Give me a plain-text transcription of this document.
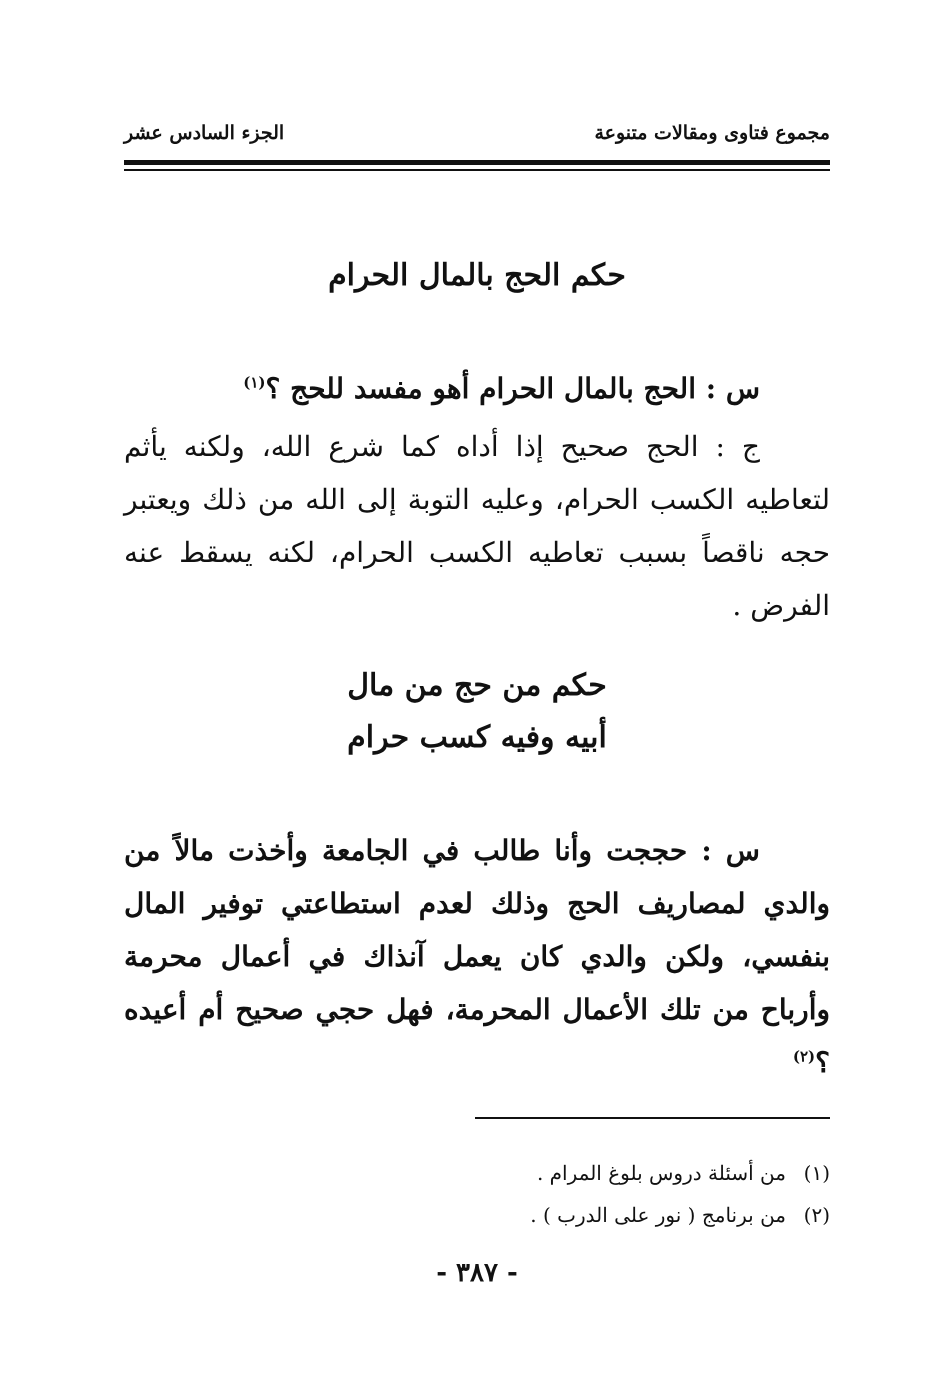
مجموع فتاوى ومقالات متنوعة
الجزء السادس عشر
حكم الحج بالمال الحرام
س : الحج بالمال الحرام أهو مفسد للحج ؟$^{(١)}$
ج : الحج صحيح إذا أداه كما شرع الله، ولكنه يأثم لتعاطيه الكسب الحرام، وعليه التوبة إلى الله من ذلك ويعتبر حجه ناقصاً بسبب تعاطيه الكسب الحرام، لكنه يسقط عنه الفرض .
حكم من حج من مال
أبيه وفيه كسب حرام
س : حججت وأنا طالب في الجامعة وأخذت مالاً من والدي لمصاريف الحج وذلك لعدم استطاعتي توفير المال بنفسي، ولكن والدي كان يعمل آنذاك في أعمال محرمة وأرباح من تلك الأعمال المحرمة، فهل حجي صحيح أم أعيده ؟$^{(٢)}$
(١)من أسئلة دروس بلوغ المرام .
(٢)من برنامج ( نور على الدرب ) .
- ٣٨٧ -
